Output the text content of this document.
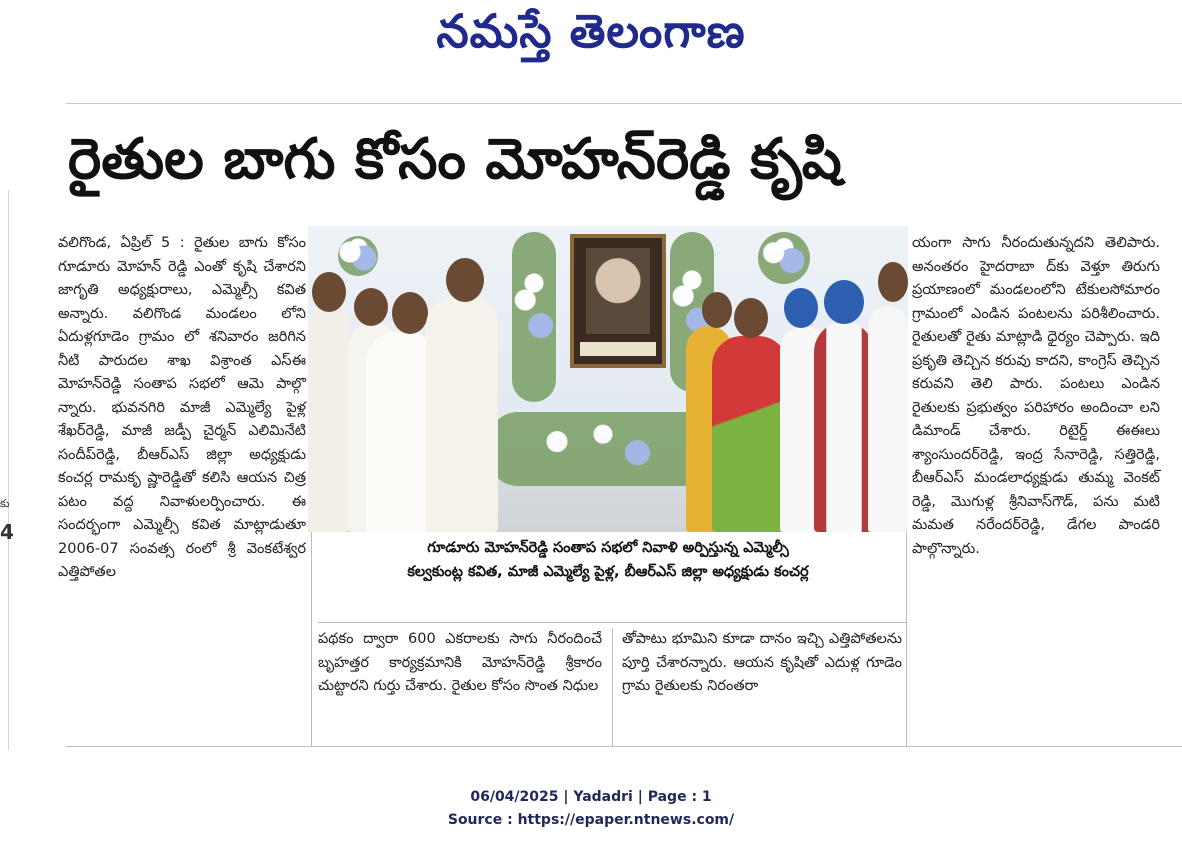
నమస్తే తెలంగాణ
కు
4
రైతుల బాగు కోసం మోహన్‌రెడ్డి కృషి
వలిగొండ, ఏప్రిల్ 5 : రైతుల బాగు కోసం గూడూరు మోహన్ రెడ్డి ఎంతో కృషి చేశారని జాగృతి అధ్యక్షురాలు, ఎమ్మెల్సీ కవిత అన్నారు. వలిగొండ మండలం లోని ఏదుళ్లగూడెం గ్రామం లో శనివారం జరిగిన నీటి పారుదల శాఖ విశ్రాంత ఎస్ఈ మోహన్‌రెడ్డి సంతాప సభలో ఆమె పాల్గొ న్నారు. భువనగిరి మాజీ ఎమ్మెల్యే పైళ్ల శేఖర్‌రెడ్డి, మాజీ జడ్పీ చైర్మన్ ఎలిమినేటి సందీప్‌రెడ్డి, బీఆర్ఎస్ జిల్లా అధ్యక్షుడు కంచర్ల రామకృ ష్ణారెడ్డితో కలిసి ఆయన చిత్ర పటం వద్ద నివాళులర్పించారు. ఈ సందర్భంగా ఎమ్మెల్సీ కవిత మాట్లాడుతూ 2006-07 సంవత్స రంలో శ్రీ వెంకటేశ్వర ఎత్తిపోతల
గూడూరు మోహన్‌రెడ్డి సంతాప సభలో నివాళి అర్పిస్తున్న ఎమ్మెల్సీ
కల్వకుంట్ల కవిత, మాజీ ఎమ్మెల్యే పైళ్ల, బీఆర్ఎస్ జిల్లా అధ్యక్షుడు కంచర్ల
పథకం ద్వారా 600 ఎకరాలకు సాగు నీరందించే బృహత్తర కార్యక్రమానికి మోహన్‌రెడ్డి శ్రీకారం చుట్టారని గుర్తు చేశారు. రైతుల కోసం సొంత నిధుల
తోపాటు భూమిని కూడా దానం ఇచ్చి ఎత్తిపోతలను పూర్తి చేశారన్నారు. ఆయన కృషితో ఎదుళ్ల గూడెం గ్రామ రైతులకు నిరంతరా
యంగా సాగు నీరందుతున్నదని తెలిపారు. అనంతరం హైదరాబా ద్‌కు వెళ్తూ తిరుగు ప్రయాణంలో మండలంలోని టేకులసోమారం గ్రామంలో ఎండిన పంటలను పరిశీలించారు. రైతులతో రైతు మాట్లాడి ధైర్యం చెప్పారు. ఇది ప్రకృతి తెచ్చిన కరువు కాదని, కాంగ్రెస్ తెచ్చిన కరువని తెలి పారు. పంటలు ఎండిన రైతులకు ప్రభుత్వం పరిహారం అందించా లని డిమాండ్ చేశారు. రిటైర్డ్ ఈఈలు శ్యాంసుందర్‌రెడ్డి, ఇంద్ర సేనారెడ్డి, సత్తిరెడ్డి, బీఆర్ఎస్ మండలాధ్యక్షుడు తుమ్మ వెంకట్ రెడ్డి, మొగుళ్ల శ్రీనివాస్‌గౌడ్, పను మటి మమత నరేందర్‌రెడ్డి, డేగల పాండరి పాల్గొన్నారు.
06/04/2025 | Yadadri | Page : 1
Source : https://epaper.ntnews.com/
